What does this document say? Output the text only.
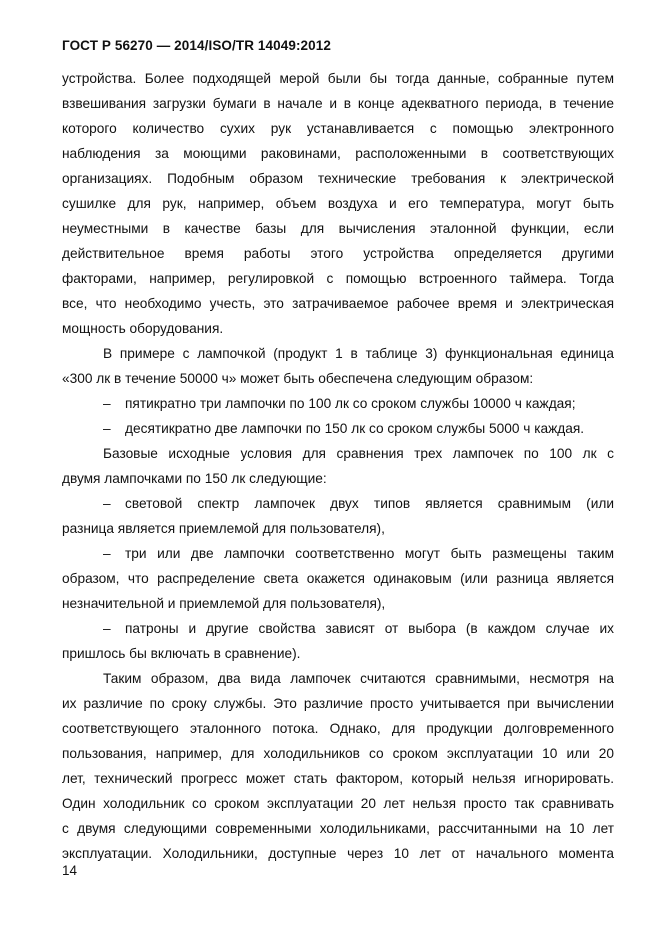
ГОСТ Р 56270 — 2014/ISO/TR 14049:2012
устройства. Более подходящей мерой были бы тогда данные, собранные путем
взвешивания загрузки бумаги в начале и в конце адекватного периода, в течение
которого количество сухих рук устанавливается с помощью электронного
наблюдения за моющими раковинами, расположенными в соответствующих
организациях. Подобным образом технические требования к электрической
сушилке для рук, например, объем воздуха и его температура, могут быть
неуместными в качестве базы для вычисления эталонной функции, если
действительное время работы этого устройства определяется другими
факторами, например, регулировкой с помощью встроенного таймера. Тогда
все, что необходимо учесть, это затрачиваемое рабочее время и электрическая
мощность оборудования.
В примере с лампочкой (продукт 1 в таблице 3) функциональная единица
«300 лк в течение 50000 ч» может быть обеспечена следующим образом:
– пятикратно три лампочки по 100 лк со сроком службы 10000 ч каждая;
– десятикратно две лампочки по 150 лк со сроком службы 5000 ч каждая.
Базовые исходные условия для сравнения трех лампочек по 100 лк с
двумя лампочками по 150 лк следующие:
– световой спектр лампочек двух типов является сравнимым (или
разница является приемлемой для пользователя),
– три или две лампочки соответственно могут быть размещены таким
образом, что распределение света окажется одинаковым (или разница является
незначительной и приемлемой для пользователя),
– патроны и другие свойства зависят от выбора (в каждом случае их
пришлось бы включать в сравнение).
Таким образом, два вида лампочек считаются сравнимыми, несмотря на
их различие по сроку службы. Это различие просто учитывается при вычислении
соответствующего эталонного потока. Однако, для продукции долговременного
пользования, например, для холодильников со сроком эксплуатации 10 или 20
лет, технический прогресс может стать фактором, который нельзя игнорировать.
Один холодильник со сроком эксплуатации 20 лет нельзя просто так сравнивать
с двумя следующими современными холодильниками, рассчитанными на 10 лет
эксплуатации. Холодильники, доступные через 10 лет от начального момента
14
